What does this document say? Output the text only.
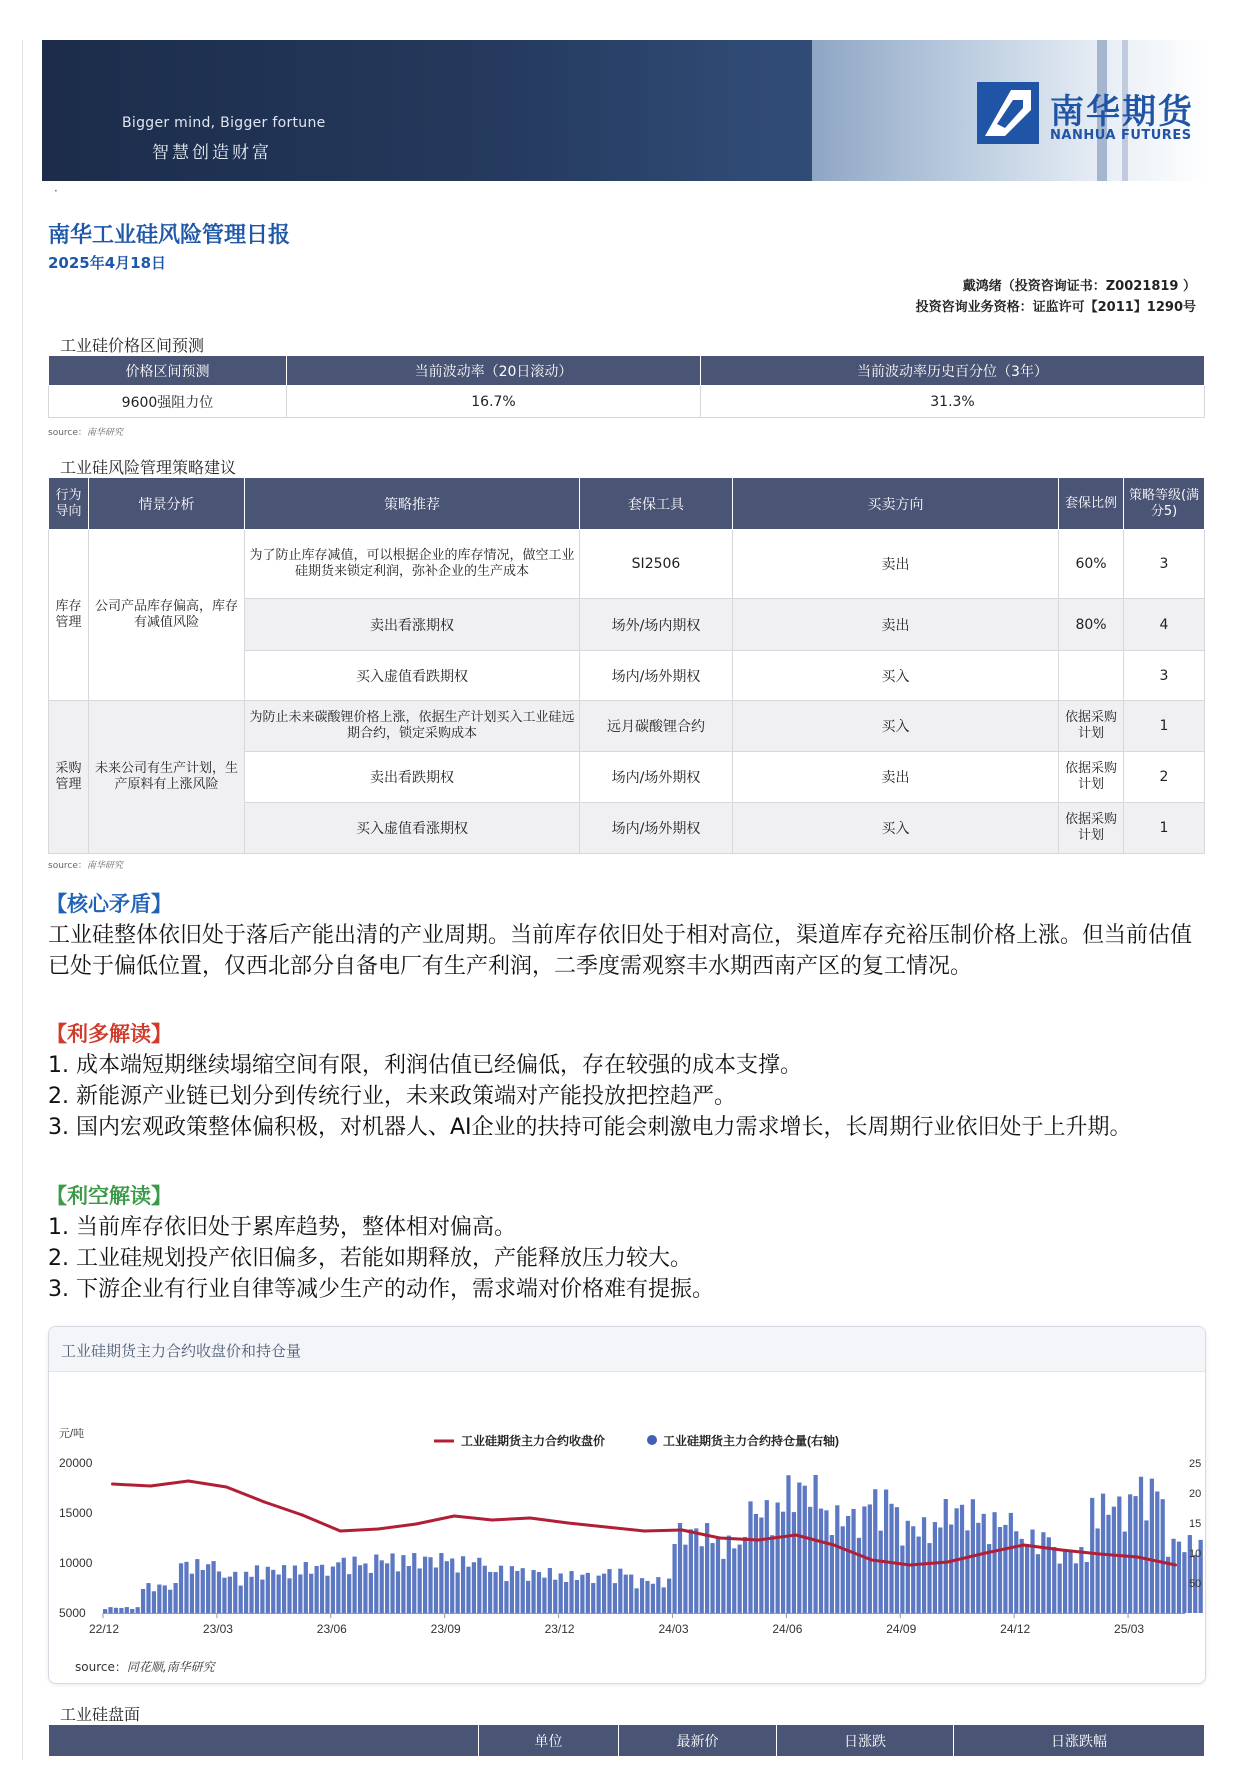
Bigger mind, Bigger fortune
智慧创造财富
南华期货
NANHUA FUTURES
·
南华工业硅风险管理日报
2025年4月18日
戴鸿绪（投资咨询证书：Z0021819 ）
投资咨询业务资格：证监许可【2011】1290号
工业硅价格区间预测
价格区间预测	当前波动率（20日滚动）	当前波动率历史百分位（3年）
9600强阻力位	16.7%	31.3%
source：南华研究
工业硅风险管理策略建议
行为导向	情景分析	策略推荐	套保工具	买卖方向	套保比例	策略等级(满分5)
库存管理	公司产品库存偏高，库存有减值风险	为了防止库存减值，可以根据企业的库存情况，做空工业硅期货来锁定利润，弥补企业的生产成本	SI2506	卖出	60%	3
		卖出看涨期权	场外/场内期权	卖出	80%	4
		买入虚值看跌期权	场内/场外期权	买入		3
采购管理	未来公司有生产计划，生产原料有上涨风险	为防止未来碳酸锂价格上涨，依据生产计划买入工业硅远期合约，锁定采购成本	远月碳酸锂合约	买入	依据采购计划	1
		卖出看跌期权	场内/场外期权	卖出	依据采购计划	2
		买入虚值看涨期权	场内/场外期权	买入	依据采购计划	1
source：南华研究
【核心矛盾】
工业硅整体依旧处于落后产能出清的产业周期。当前库存依旧处于相对高位，渠道库存充裕压制价格上涨。但当前估值已处于偏低位置，仅西北部分自备电厂有生产利润，二季度需观察丰水期西南产区的复工情况。
【利多解读】
1. 成本端短期继续塌缩空间有限，利润估值已经偏低，存在较强的成本支撑。
2. 新能源产业链已划分到传统行业，未来政策端对产能投放把控趋严。
3. 国内宏观政策整体偏积极，对机器人、AI企业的扶持可能会刺激电力需求增长，长周期行业依旧处于上升期。
【利空解读】
1. 当前库存依旧处于累库趋势，整体相对偏高。
2. 工业硅规划投产依旧偏多，若能如期释放，产能释放压力较大。
3. 下游企业有行业自律等减少生产的动作，需求端对价格难有提振。
工业硅期货主力合约收盘价和持仓量
元/吨
20000
15000
10000
5000
25
20
15
10
50
22/12	23/03	23/06	23/09	23/12	24/03	24/06	24/09	24/12	25/03
工业硅期货主力合约收盘价	工业硅期货主力合约持仓量(右轴)
source：同花顺,南华研究
工业硅盘面
	单位	最新价	日涨跌	日涨跌幅
